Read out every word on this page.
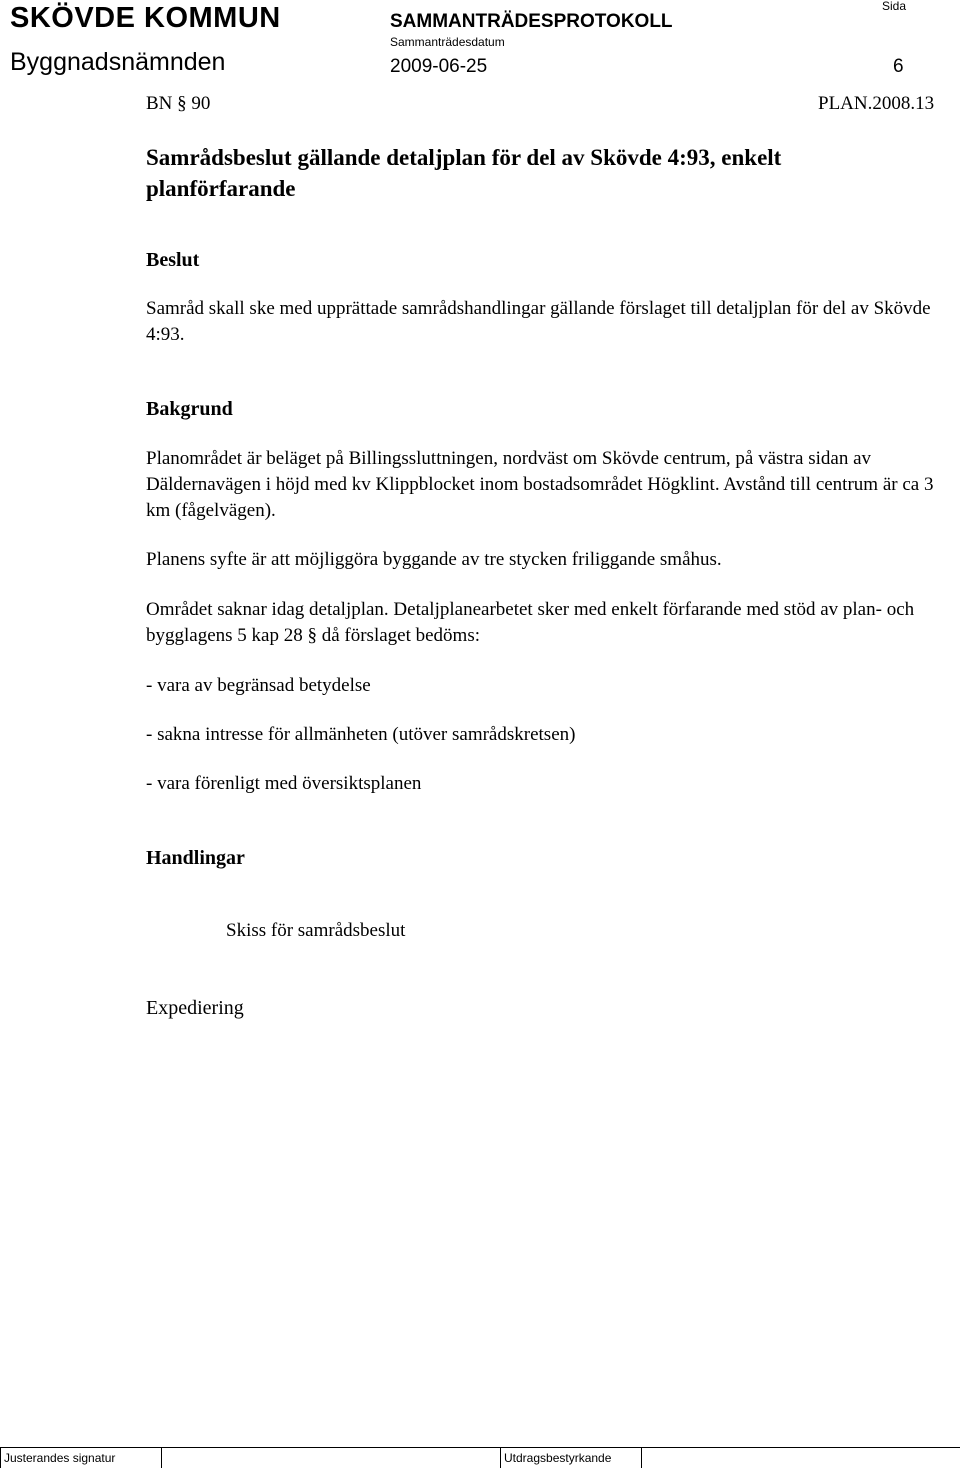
SKÖVDE KOMMUN	SAMMANTRÄDESPROTOKOLL
Sida
Sammanträdesdatum
Byggnadsnämnden	2009-06-25	6
BN § 90	PLAN.2008.13
Samrådsbeslut gällande detaljplan för del av Skövde 4:93, enkelt planförfarande
Beslut
Samråd skall ske med upprättade samrådshandlingar gällande förslaget till detaljplan för del av Skövde 4:93.
Bakgrund
Planområdet är beläget på Billingssluttningen, nordväst om Skövde centrum, på västra sidan av Däldernavägen i höjd med kv Klippblocket inom bostadsområdet Högklint. Avstånd till centrum är ca 3 km (fågelvägen).
Planens syfte är att möjliggöra byggande av tre stycken friliggande småhus.
Området saknar idag detaljplan. Detaljplanearbetet sker med enkelt förfarande med stöd av plan- och bygglagens 5 kap 28 § då förslaget bedöms:
- vara av begränsad betydelse
- sakna intresse för allmänheten (utöver samrådskretsen)
- vara förenligt med översiktsplanen
Handlingar
Skiss för samrådsbeslut
Expediering
Justerandes signatur	Utdragsbestyrkande
